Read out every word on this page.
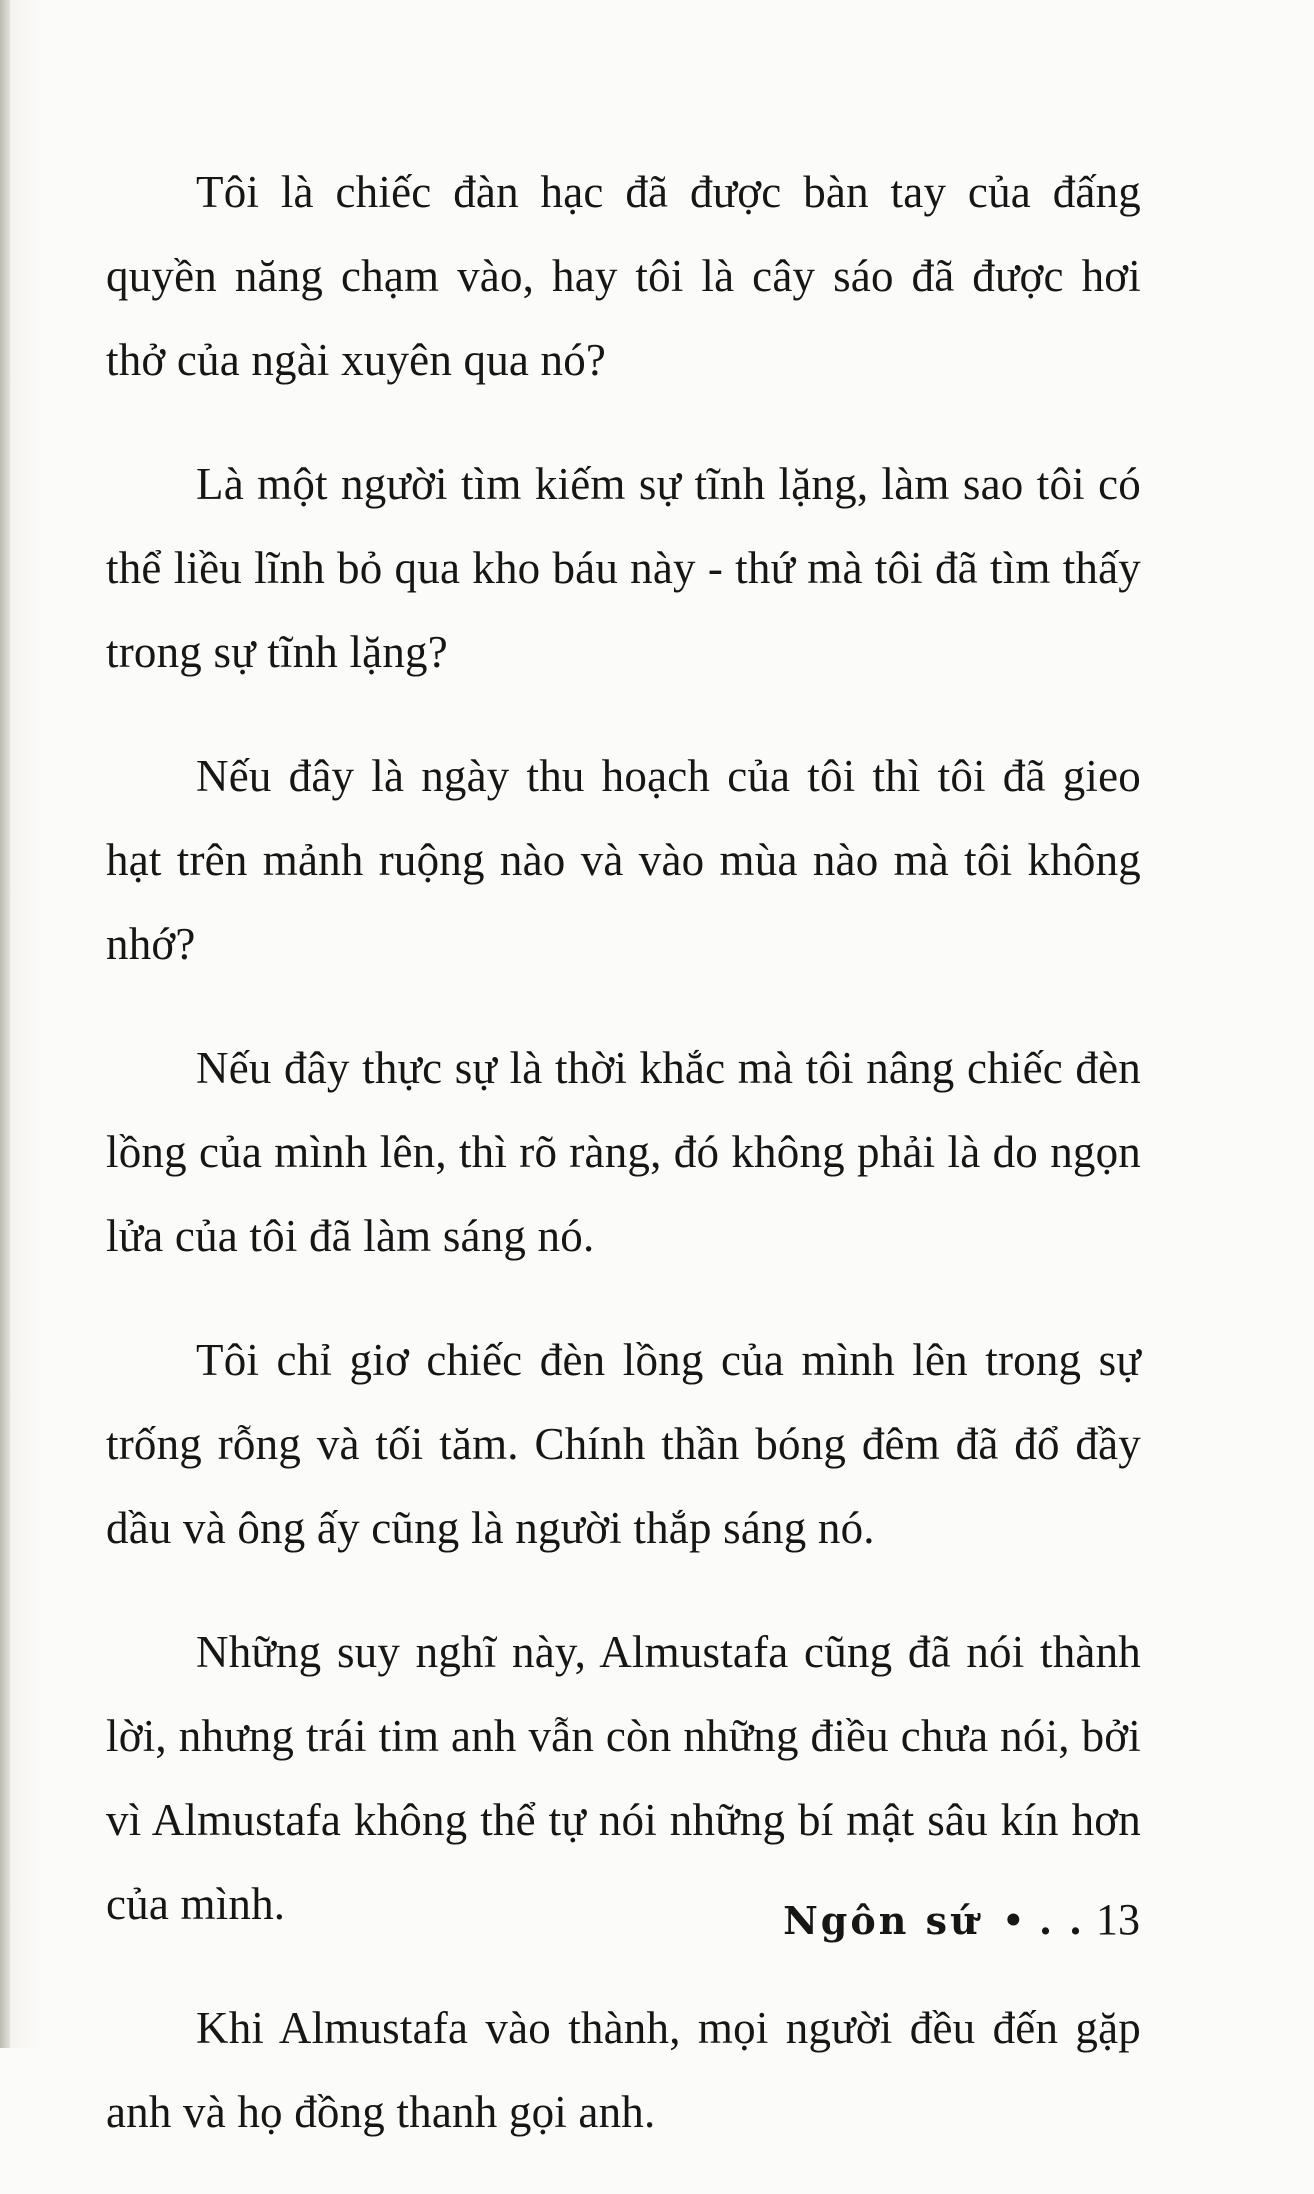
Tôi là chiếc đàn hạc đã được bàn tay của đấng quyền năng chạm vào, hay tôi là cây sáo đã được hơi thở của ngài xuyên qua nó?

Là một người tìm kiếm sự tĩnh lặng, làm sao tôi có thể liều lĩnh bỏ qua kho báu này - thứ mà tôi đã tìm thấy trong sự tĩnh lặng?

Nếu đây là ngày thu hoạch của tôi thì tôi đã gieo hạt trên mảnh ruộng nào và vào mùa nào mà tôi không nhớ?

Nếu đây thực sự là thời khắc mà tôi nâng chiếc đèn lồng của mình lên, thì rõ ràng, đó không phải là do ngọn lửa của tôi đã làm sáng nó.

Tôi chỉ giơ chiếc đèn lồng của mình lên trong sự trống rỗng và tối tăm. Chính thần bóng đêm đã đổ đầy dầu và ông ấy cũng là người thắp sáng nó.

Những suy nghĩ này, Almustafa cũng đã nói thành lời, nhưng trái tim anh vẫn còn những điều chưa nói, bởi vì Almustafa không thể tự nói những bí mật sâu kín hơn của mình.

Khi Almustafa vào thành, mọi người đều đến gặp anh và họ đồng thanh gọi anh.

Ngôn sứ • . . 13
